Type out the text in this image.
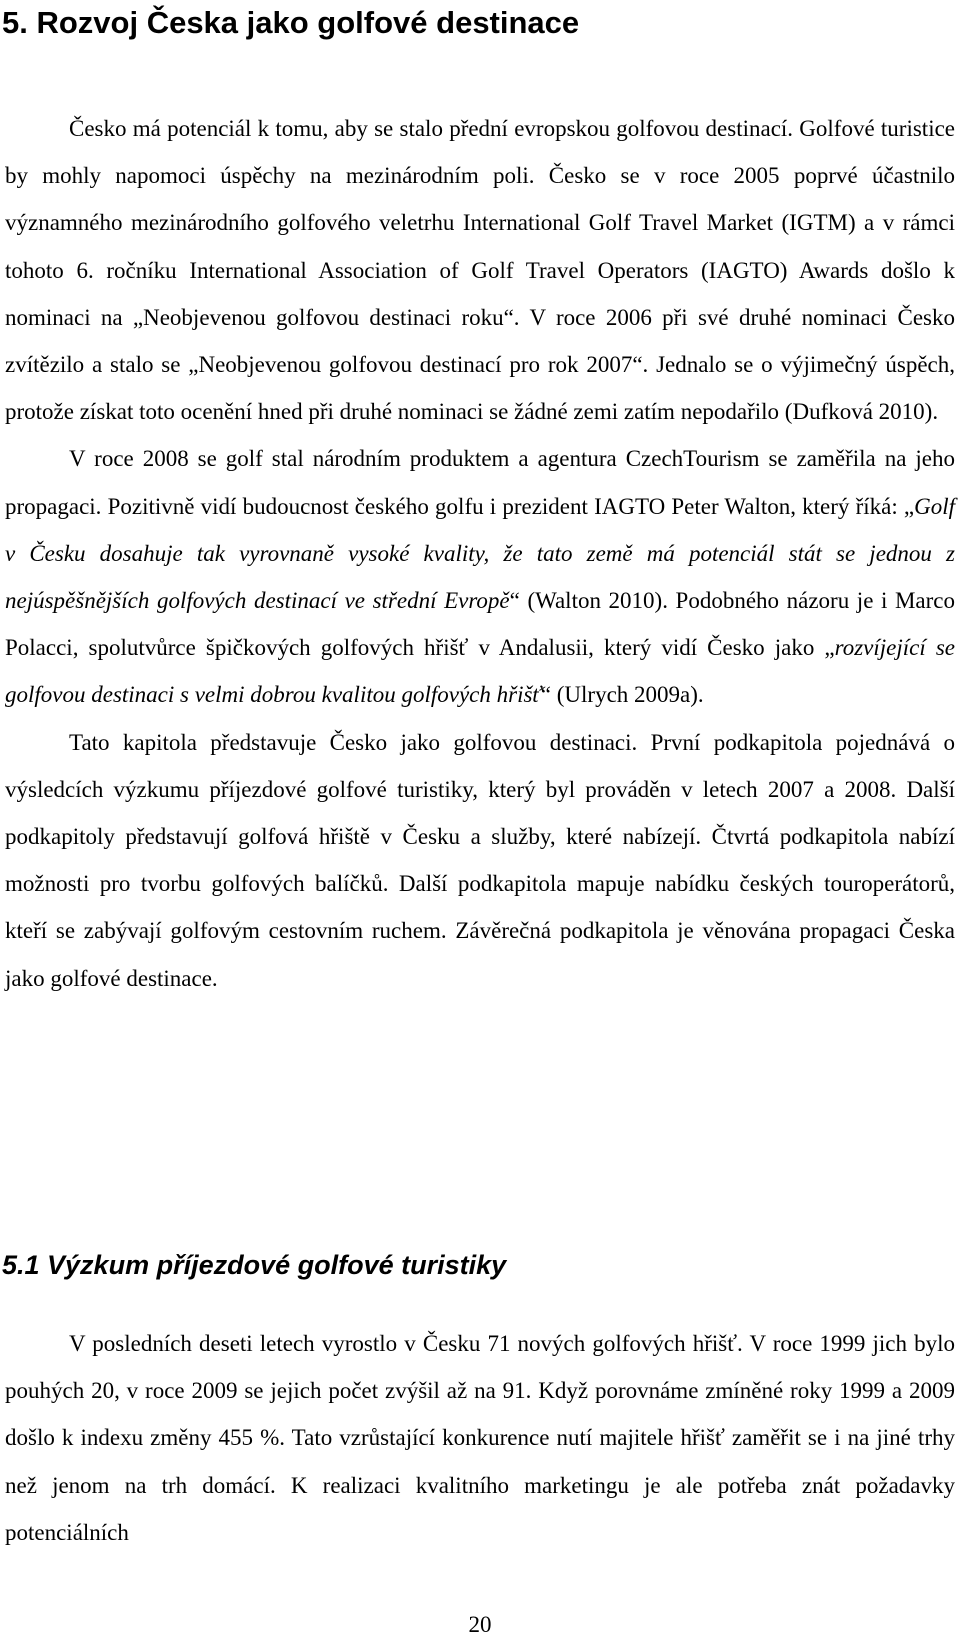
5. Rozvoj Česka jako golfové destinace

Česko má potenciál k tomu, aby se stalo přední evropskou golfovou destinací. Golfové turistice by mohly napomoci úspěchy na mezinárodním poli. Česko se v roce 2005 poprvé účastnilo významného mezinárodního golfového veletrhu International Golf Travel Market (IGTM) a v rámci tohoto 6. ročníku International Association of Golf Travel Operators (IAGTO) Awards došlo k nominaci na „Neobjevenou golfovou destinaci roku“. V roce 2006 při své druhé nominaci Česko zvítězilo a stalo se „Neobjevenou golfovou destinací pro rok 2007“. Jednalo se o výjimečný úspěch, protože získat toto ocenění hned při druhé nominaci se žádné zemi zatím nepodařilo (Dufková 2010).

V roce 2008 se golf stal národním produktem a agentura CzechTourism se zaměřila na jeho propagaci. Pozitivně vidí budoucnost českého golfu i prezident IAGTO Peter Walton, který říká: „Golf v Česku dosahuje tak vyrovnaně vysoké kvality, že tato země má potenciál stát se jednou z nejúspěšnějších golfových destinací ve střední Evropě“ (Walton 2010). Podobného názoru je i Marco Polacci, spolutvůrce špičkových golfových hřišť v Andalusii, který vidí Česko jako „rozvíjející se golfovou destinaci s velmi dobrou kvalitou golfových hřišť“ (Ulrych 2009a).

Tato kapitola představuje Česko jako golfovou destinaci. První podkapitola pojednává o výsledcích výzkumu příjezdové golfové turistiky, který byl prováděn v letech 2007 a 2008. Další podkapitoly představují golfová hřiště v Česku a služby, které nabízejí. Čtvrtá podkapitola nabízí možnosti pro tvorbu golfových balíčků. Další podkapitola mapuje nabídku českých touroperátorů, kteří se zabývají golfovým cestovním ruchem. Závěrečná podkapitola je věnována propagaci Česka jako golfové destinace.

5.1 Výzkum příjezdové golfové turistiky

V posledních deseti letech vyrostlo v Česku 71 nových golfových hřišť. V roce 1999 jich bylo pouhých 20, v roce 2009 se jejich počet zvýšil až na 91. Když porovnáme zmíněné roky 1999 a 2009 došlo k indexu změny 455 %. Tato vzrůstající konkurence nutí majitele hřišť zaměřit se i na jiné trhy než jenom na trh domácí. K realizaci kvalitního marketingu je ale potřeba znát požadavky potenciálních

20
